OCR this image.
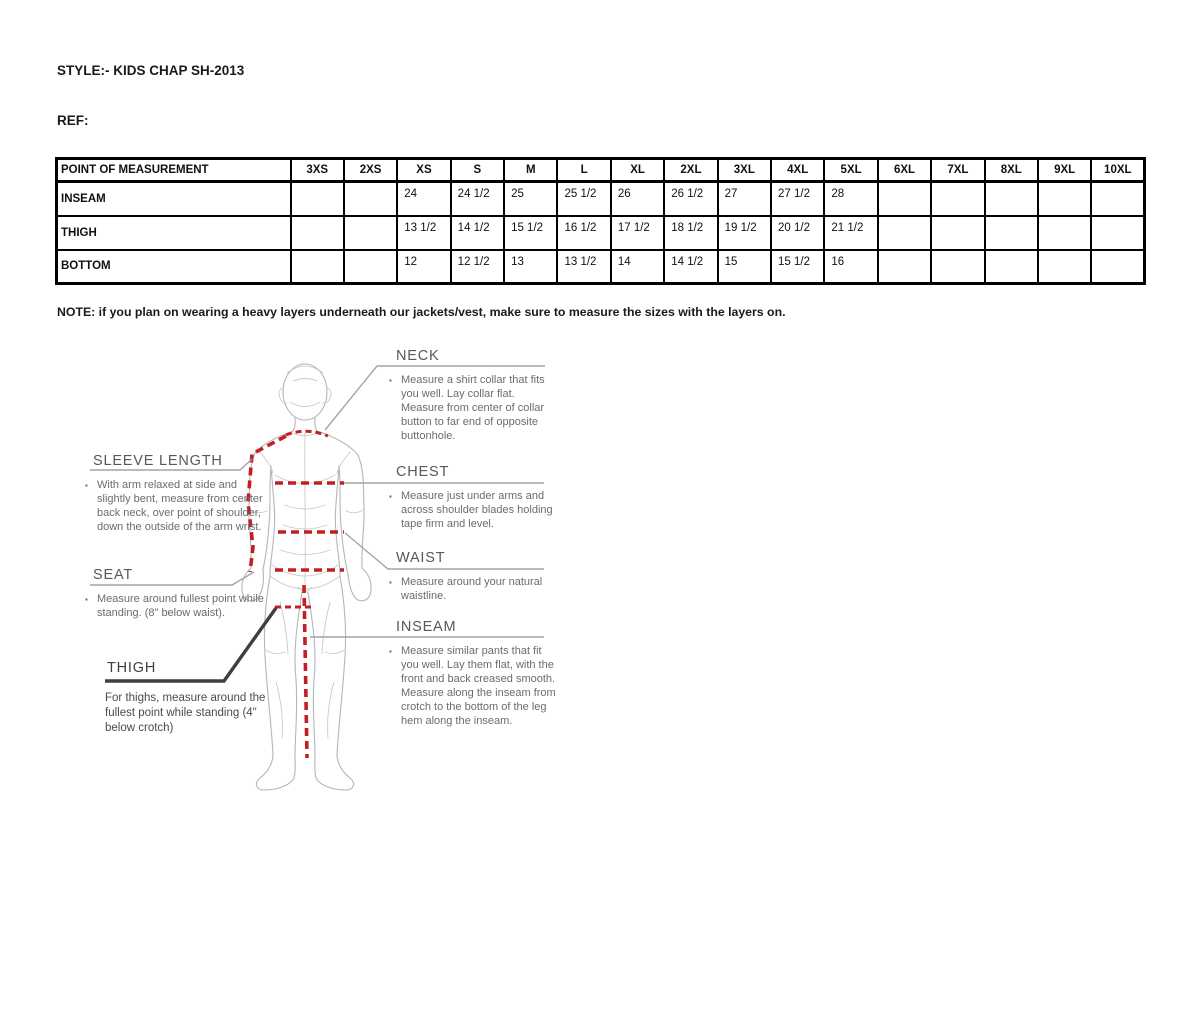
STYLE:- KIDS CHAP SH-2013
REF:
POINT OF MEASUREMENT	3XS	2XS	XS	S	M	L	XL	2XL	3XL	4XL	5XL	6XL	7XL	8XL	9XL	10XL
INSEAM			24	24 1/2	25	25 1/2	26	26 1/2	27	27 1/2	28					
THIGH			13 1/2	14 1/2	15 1/2	16 1/2	17 1/2	18 1/2	19 1/2	20 1/2	21 1/2					
BOTTOM			12	12 1/2	13	13 1/2	14	14 1/2	15	15 1/2	16					
NOTE: if you plan on wearing a heavy layers underneath our jackets/vest, make sure to measure the sizes with the layers on.
NECK
▪ Measure a shirt collar that fits you well. Lay collar flat. Measure from center of collar button to far end of opposite buttonhole.
CHEST
▪ Measure just under arms and across shoulder blades holding tape firm and level.
WAIST
▪ Measure around your natural waistline.
INSEAM
▪ Measure similar pants that fit you well. Lay them flat, with the front and back creased smooth. Measure along the inseam from crotch to the bottom of the leg hem along the inseam.
SLEEVE LENGTH
▪ With arm relaxed at side and slightly bent, measure from center back neck, over point of shoulder, down the outside of the arm wrist.
SEAT
▪ Measure around fullest point while standing. (8" below waist).
THIGH
For thighs, measure around the fullest point while standing (4" below crotch)
